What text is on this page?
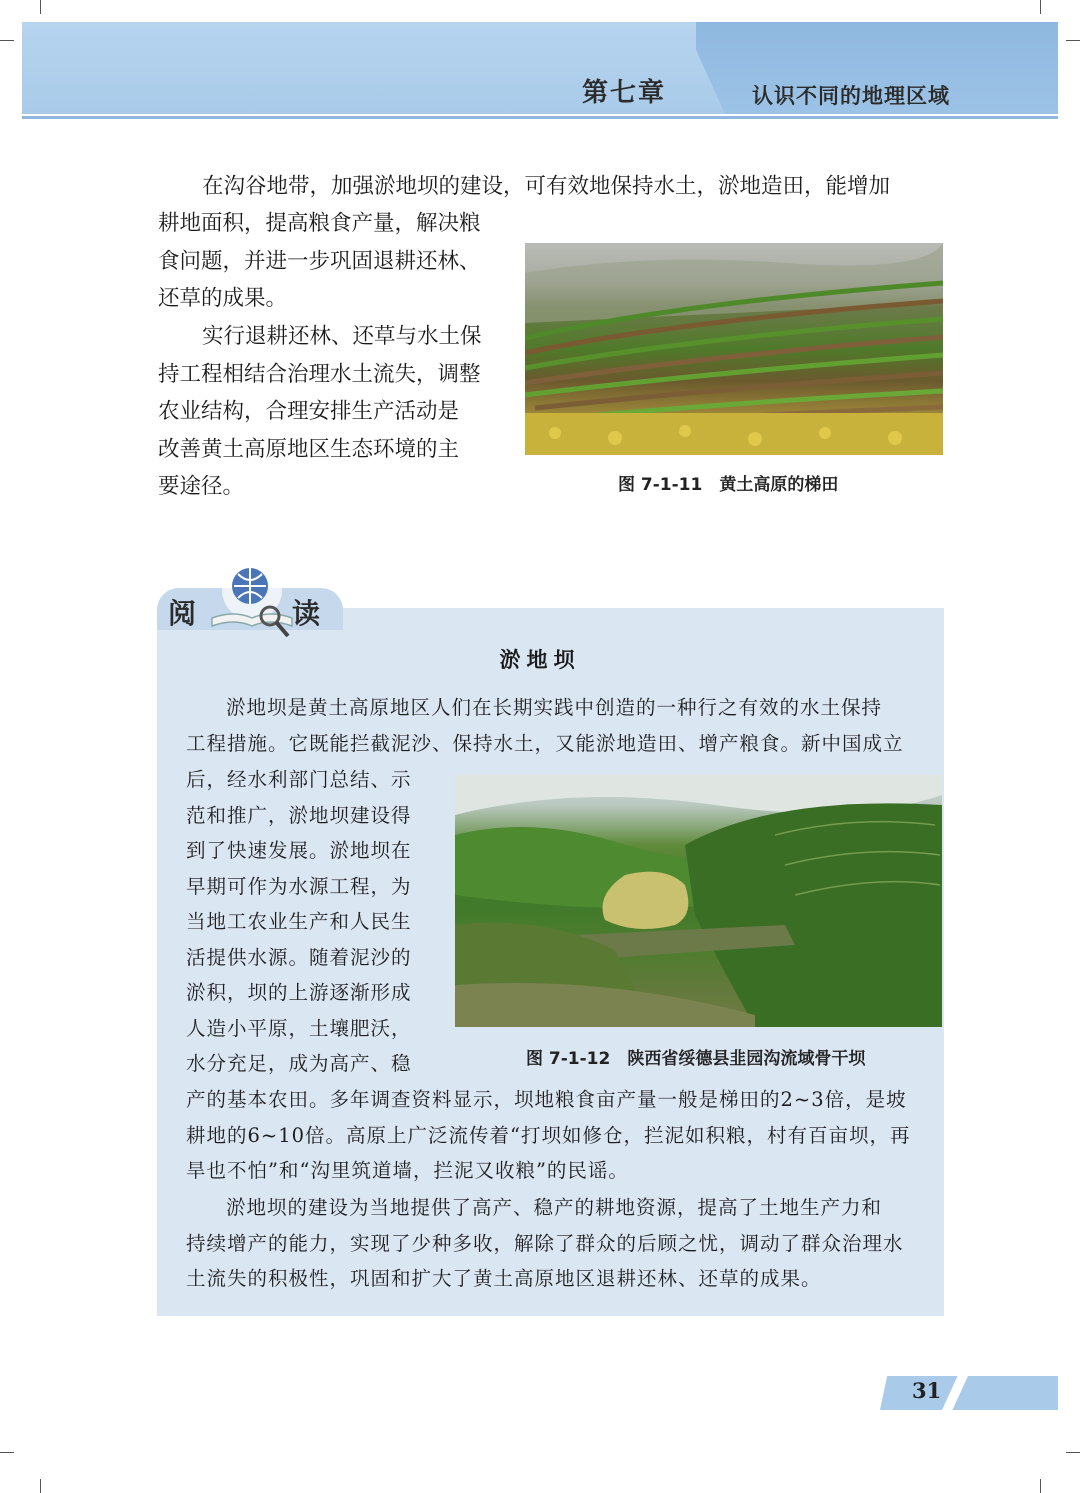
第七章	认识不同的地理区域
在沟谷地带，加强淤地坝的建设，可有效地保持水土，淤地造田，能增加
耕地面积，提高粮食产量，解决粮
食问题，并进一步巩固退耕还林、
还草的成果。
实行退耕还林、还草与水土保
持工程相结合治理水土流失，调整
农业结构，合理安排生产活动是
改善黄土高原地区生态环境的主
要途径。	图 7-1-11　黄土高原的梯田
阅	读
淤地坝
淤地坝是黄土高原地区人们在长期实践中创造的一种行之有效的水土保持
工程措施。它既能拦截泥沙、保持水土，又能淤地造田、增产粮食。新中国成立
后，经水利部门总结、示
范和推广，淤地坝建设得
到了快速发展。淤地坝在
早期可作为水源工程，为
当地工农业生产和人民生
活提供水源。随着泥沙的
淤积，坝的上游逐渐形成
人造小平原，土壤肥沃，
水分充足，成为高产、稳	图 7-1-12　陕西省绥德县韭园沟流域骨干坝
产的基本农田。多年调查资料显示，坝地粮食亩产量一般是梯田的2~3倍，是坡
耕地的6~10倍。高原上广泛流传着“打坝如修仓，拦泥如积粮，村有百亩坝，再
旱也不怕”和“沟里筑道墙，拦泥又收粮”的民谣。
淤地坝的建设为当地提供了高产、稳产的耕地资源，提高了土地生产力和
持续增产的能力，实现了少种多收，解除了群众的后顾之忧，调动了群众治理水
土流失的积极性，巩固和扩大了黄土高原地区退耕还林、还草的成果。
31
